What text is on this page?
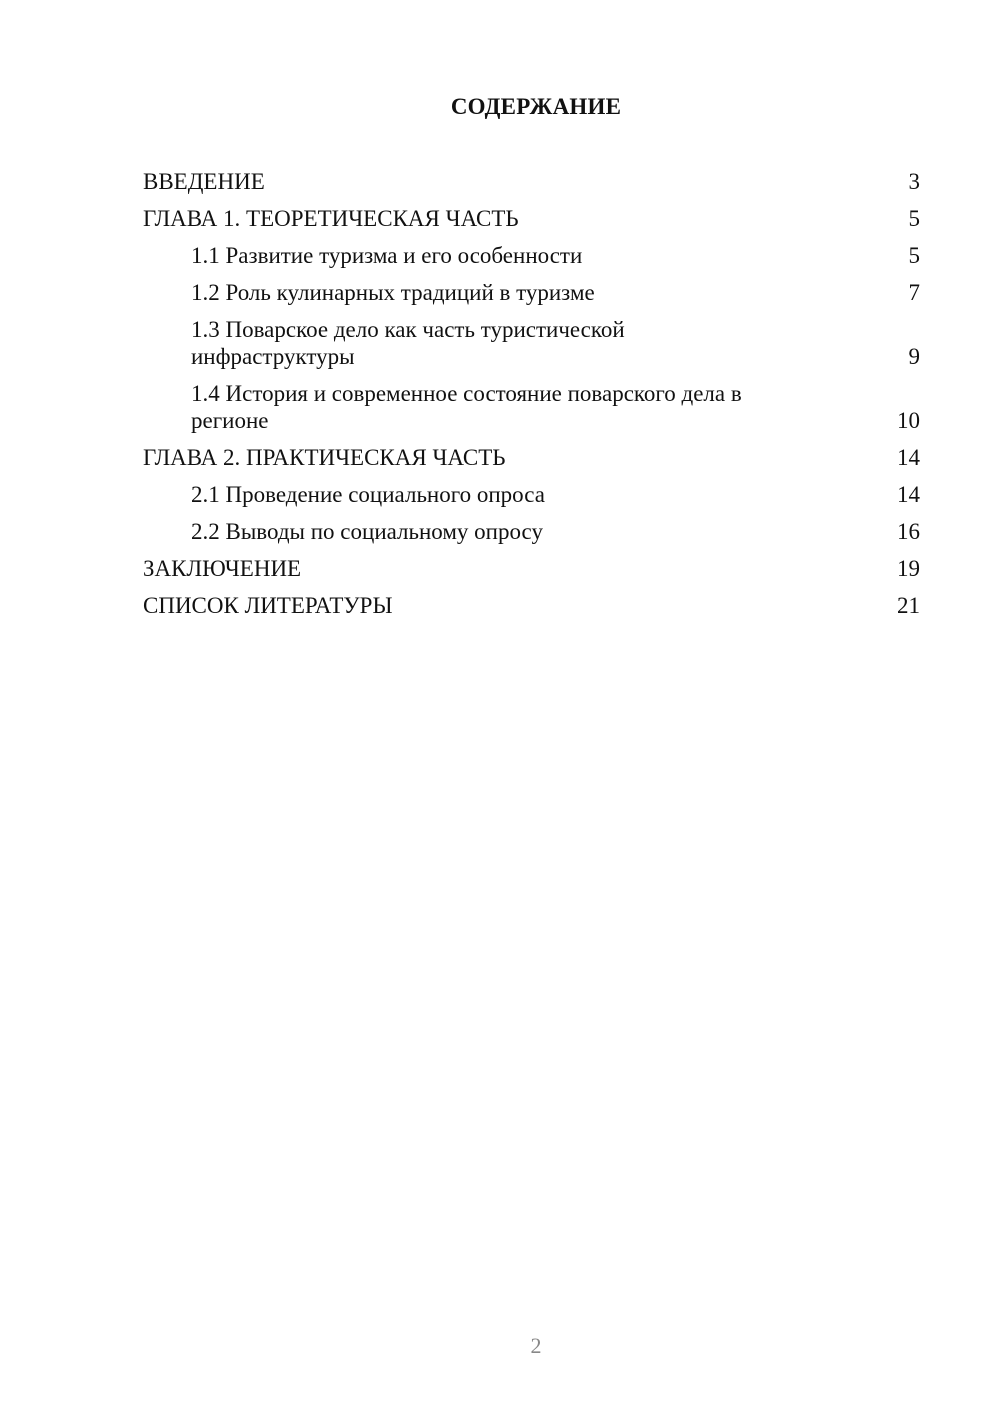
СОДЕРЖАНИЕ
ВВЕДЕНИЕ	3
ГЛАВА 1. ТЕОРЕТИЧЕСКАЯ ЧАСТЬ	5
1.1 Развитие туризма и его особенности	5
1.2 Роль кулинарных традиций в туризме	7
1.3 Поварское дело как часть туристической инфраструктуры	9
1.4 История и современное состояние поварского дела в регионе	10
ГЛАВА 2. ПРАКТИЧЕСКАЯ ЧАСТЬ	14
2.1 Проведение социального опроса	14
2.2 Выводы по социальному опросу	16
ЗАКЛЮЧЕНИЕ	19
СПИСОК ЛИТЕРАТУРЫ	21
2
